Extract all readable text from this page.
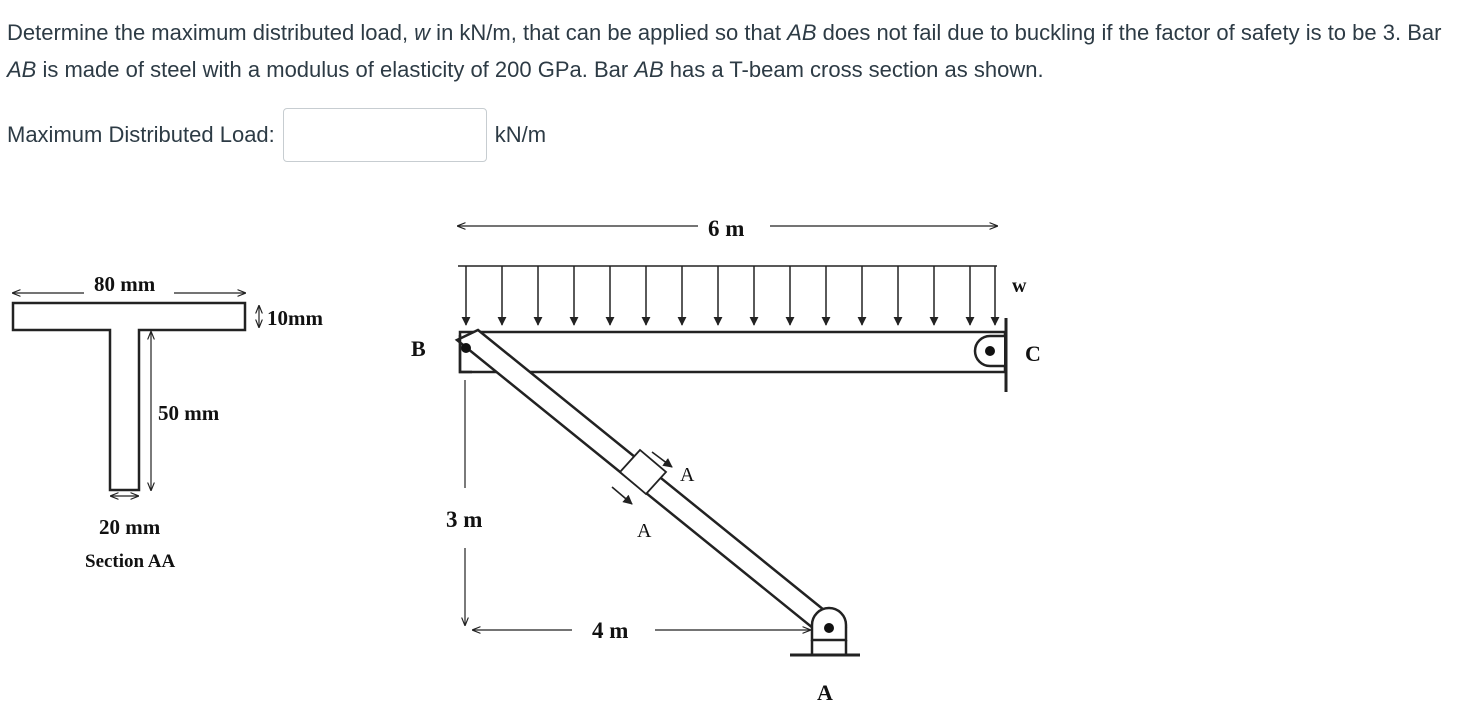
Determine the maximum distributed load, w in kN/m, that can be applied so that AB does not fail due to buckling if the factor of safety is to be 3. Bar AB is made of steel with a modulus of elasticity of 200 GPa. Bar AB has a T-beam cross section as shown.

Maximum Distributed Load:	kN/m
80 mm
10mm
50 mm
20 mm
Section AA
6 m
w
B	C
3 m
4 m
A
A
A
